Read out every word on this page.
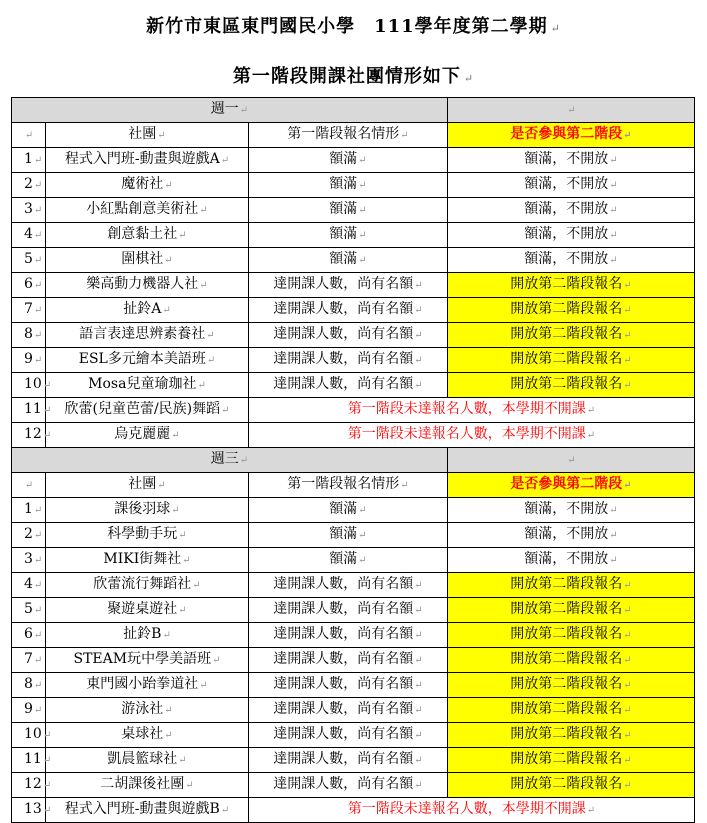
新竹市東區東門國民小學　111學年度第二學期 ↵
第一階段開課社團情形如下 ↵
週一↵			↵
↵	社團↵	第一階段報名情形↵	是否參與第二階段↵
1↵	程式入門班-動畫與遊戲A↵	額滿↵	額滿，不開放↵
2↵	魔術社↵	額滿↵	額滿，不開放↵
3↵	小紅點創意美術社↵	額滿↵	額滿，不開放↵
4↵	創意黏土社↵	額滿↵	額滿，不開放↵
5↵	圍棋社↵	額滿↵	額滿，不開放↵
6↵	樂高動力機器人社↵	達開課人數，尚有名額↵	開放第二階段報名↵
7↵	扯鈴A↵	達開課人數，尚有名額↵	開放第二階段報名↵
8↵	語言表達思辨素養社↵	達開課人數，尚有名額↵	開放第二階段報名↵
9↵	ESL多元繪本美語班↵	達開課人數，尚有名額↵	開放第二階段報名↵
10↵	Mosa兒童瑜珈社↵	達開課人數，尚有名額↵	開放第二階段報名↵
11↵	欣蕾(兒童芭蕾/民族)舞蹈↵	第一階段未達報名人數，本學期不開課↵	
12↵	烏克麗麗↵	第一階段未達報名人數，本學期不開課↵	
週三↵			↵
↵	社團↵	第一階段報名情形↵	是否參與第二階段↵
1↵	課後羽球↵	額滿↵	額滿，不開放↵
2↵	科學動手玩↵	額滿↵	額滿，不開放↵
3↵	MIKI街舞社↵	額滿↵	額滿，不開放↵
4↵	欣蕾流行舞蹈社↵	達開課人數，尚有名額↵	開放第二階段報名↵
5↵	聚遊桌遊社↵	達開課人數，尚有名額↵	開放第二階段報名↵
6↵	扯鈴B↵	達開課人數，尚有名額↵	開放第二階段報名↵
7↵	STEAM玩中學美語班↵	達開課人數，尚有名額↵	開放第二階段報名↵
8↵	東門國小跆拳道社↵	達開課人數，尚有名額↵	開放第二階段報名↵
9↵	游泳社↵	達開課人數，尚有名額↵	開放第二階段報名↵
10↵	桌球社↵	達開課人數，尚有名額↵	開放第二階段報名↵
11↵	凱晨籃球社↵	達開課人數，尚有名額↵	開放第二階段報名↵
12↵	二胡課後社團↵	達開課人數，尚有名額↵	開放第二階段報名↵
13↵	程式入門班-動畫與遊戲B↵	第一階段未達報名人數，本學期不開課↵	
